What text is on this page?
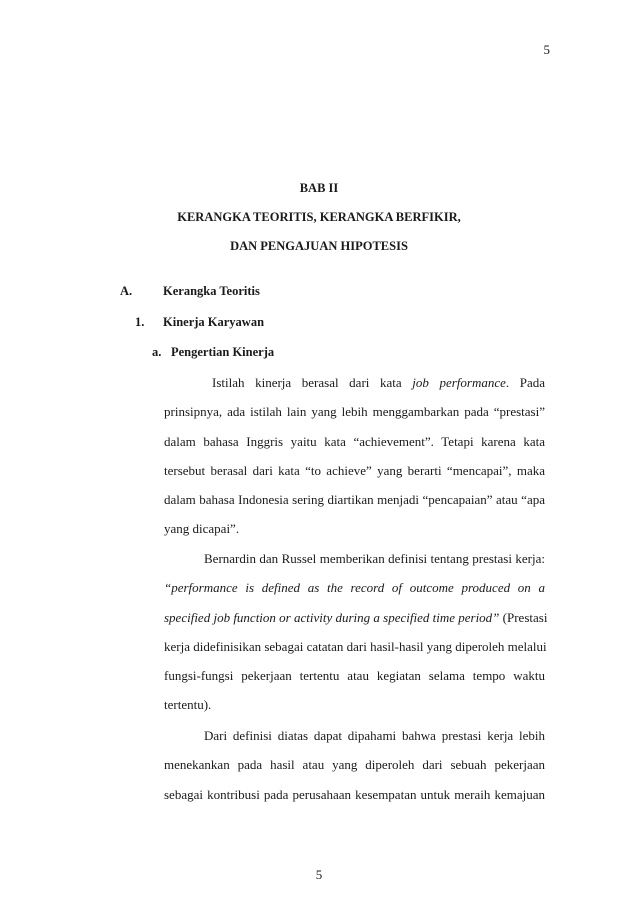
5
BAB II
KERANGKA TEORITIS, KERANGKA BERFIKIR,
DAN PENGAJUAN HIPOTESIS
A. Kerangka Teoritis
1. Kinerja Karyawan
a. Pengertian Kinerja
Istilah kinerja berasal dari kata job performance. Pada
prinsipnya, ada istilah lain yang lebih menggambarkan pada “prestasi”
dalam bahasa Inggris yaitu kata “achievement”. Tetapi karena kata
tersebut berasal dari kata “to achieve” yang berarti “mencapai”, maka
dalam bahasa Indonesia sering diartikan menjadi “pencapaian” atau “apa
yang dicapai”.
Bernardin dan Russel memberikan definisi tentang prestasi kerja:
“performance is defined as the record of outcome produced on a
specified job function or activity during a specified time period” (Prestasi
kerja didefinisikan sebagai catatan dari hasil-hasil yang diperoleh melalui
fungsi-fungsi pekerjaan tertentu atau kegiatan selama tempo waktu
tertentu).
Dari definisi diatas dapat dipahami bahwa prestasi kerja lebih
menekankan pada hasil atau yang diperoleh dari sebuah pekerjaan
sebagai kontribusi pada perusahaan kesempatan untuk meraih kemajuan
5
